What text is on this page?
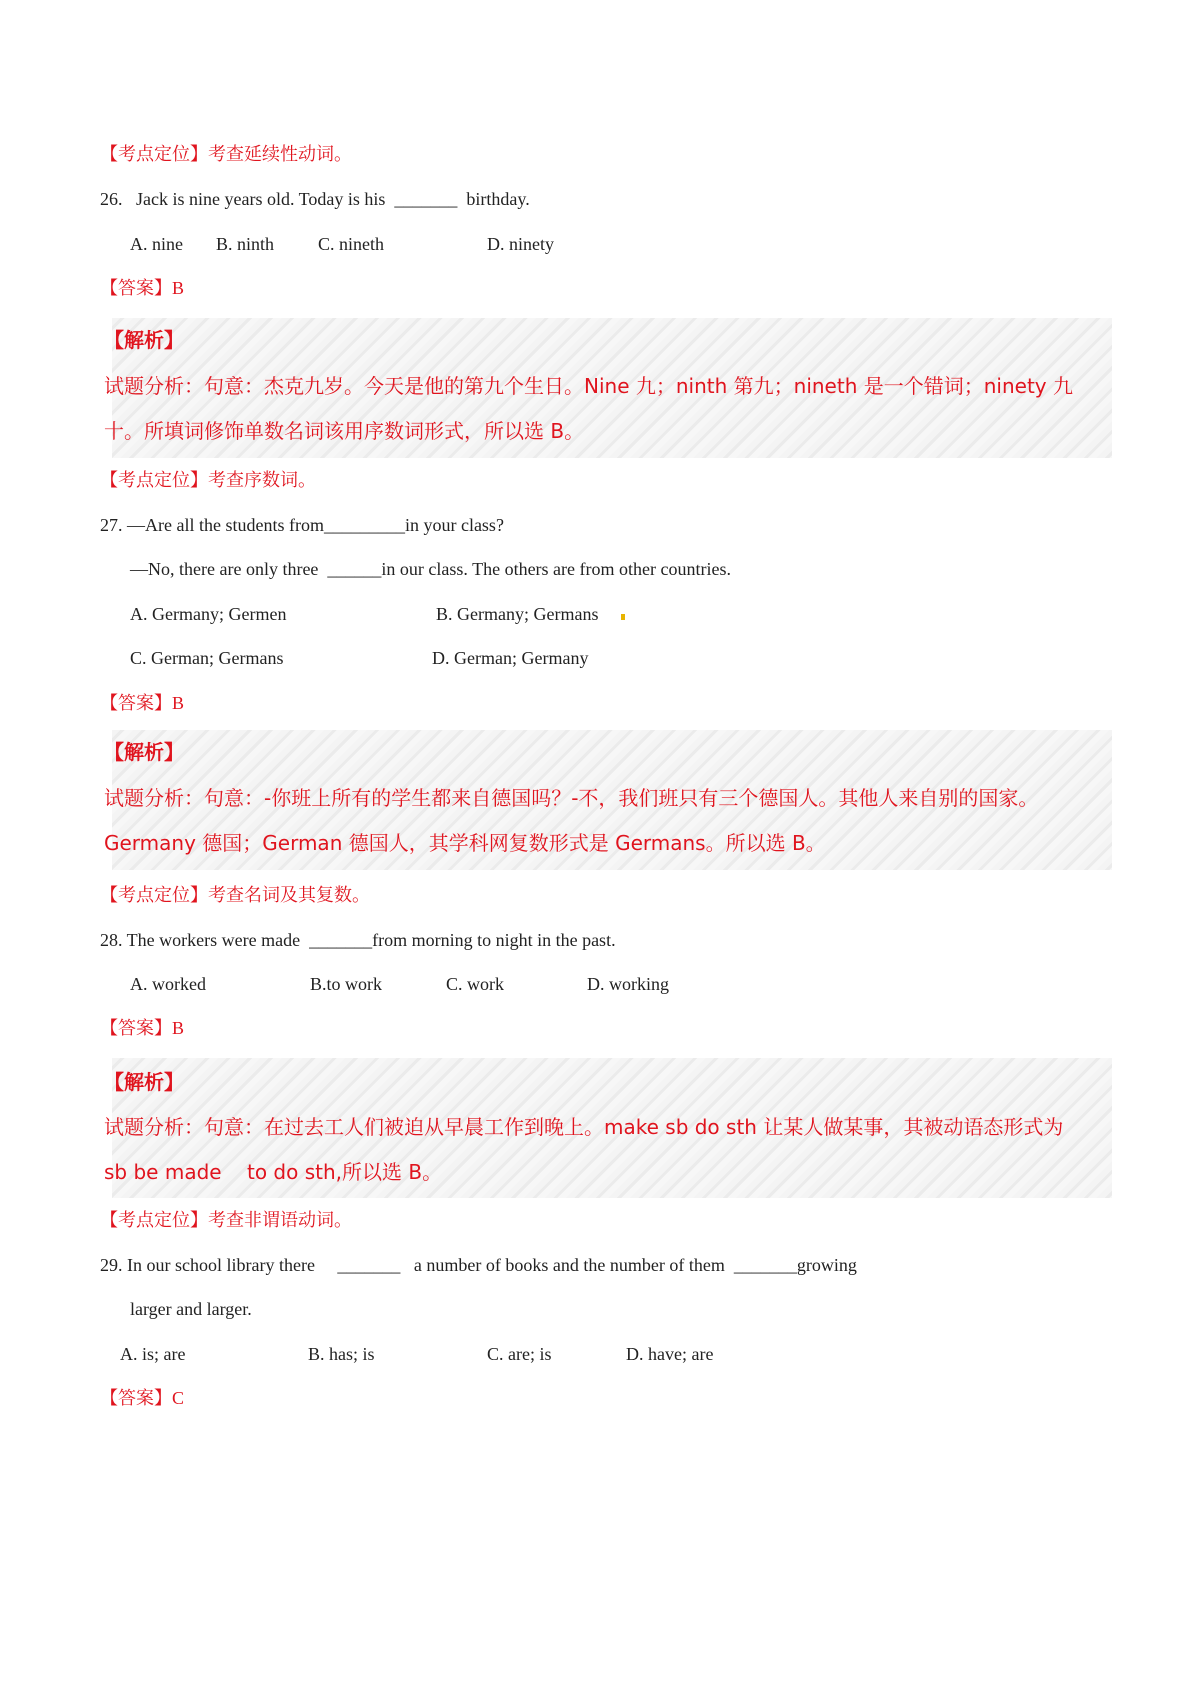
【考点定位】考查延续性动词。
26.   Jack is nine years old. Today is his  _______  birthday.
A. nine B. ninth C. nineth	D. ninety
【答案】B
【解析】
试题分析：句意：杰克九岁。今天是他的第九个生日。Nine 九；ninth 第九；nineth 是一个错词；ninety 九
十。所填词修饰单数名词该用序数词形式，所以选 B。
【考点定位】考查序数词。
27. —Are all the students from_________in your class?
—No, there are only three  ______in our class. The others are from other countries.
A. Germany; Germen	B. Germany; Germans
C. German; Germans	D. German; Germany
【答案】B
【解析】
试题分析：句意：-你班上所有的学生都来自德国吗？-不，我们班只有三个德国人。其他人来自别的国家。
Germany 德国；German 德国人，其学科网复数形式是 Germans。所以选 B。
【考点定位】考查名词及其复数。
28. The workers were made  _______from morning to night in the past.
A. worked	B.to work	C. work	D. working
【答案】B
【解析】
试题分析：句意：在过去工人们被迫从早晨工作到晚上。make sb do sth 让某人做某事，其被动语态形式为
sb be made    to do sth,所以选 B。
【考点定位】考查非谓语动词。
29. In our school library there     _______   a number of books and the number of them  _______growing
larger and larger.
A. is; are	B. has; is	C. are; is	D. have; are
【答案】C
